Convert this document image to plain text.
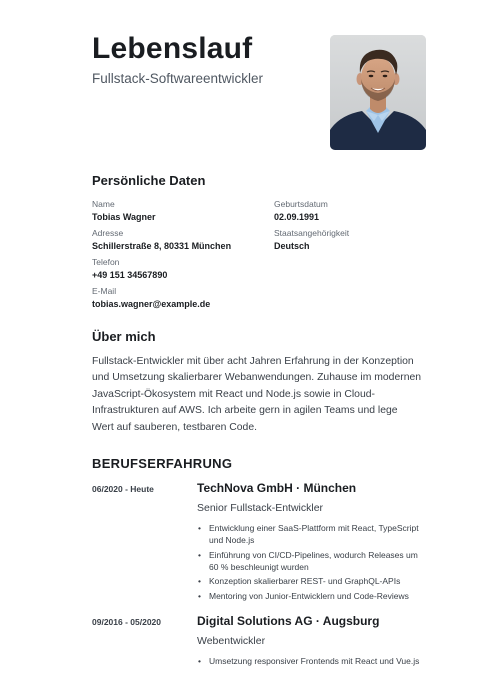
Lebenslauf
Fullstack-Softwareentwickler
Persönliche Daten
Name
Tobias Wagner
Geburtsdatum
02.09.1991
Adresse
Schillerstraße 8, 80331 München
Staatsangehörigkeit
Deutsch
Telefon
+49 151 34567890
E-Mail
tobias.wagner@example.de
Über mich
Fullstack-Entwickler mit über acht Jahren Erfahrung in der Konzeption und Umsetzung skalierbarer Webanwendungen. Zuhause im modernen JavaScript-Ökosystem mit React und Node.js sowie in Cloud-Infrastrukturen auf AWS. Ich arbeite gern in agilen Teams und lege Wert auf sauberen, testbaren Code.
BERUFSERFAHRUNG
06/2020 - Heute	TechNova GmbH · München
Senior Fullstack-Entwickler
• Entwicklung einer SaaS-Plattform mit React, TypeScript und Node.js
• Einführung von CI/CD-Pipelines, wodurch Releases um 60 % beschleunigt wurden
• Konzeption skalierbarer REST- und GraphQL-APIs
• Mentoring von Junior-Entwicklern und Code-Reviews
09/2016 - 05/2020	Digital Solutions AG · Augsburg
Webentwickler
• Umsetzung responsiver Frontends mit React und Vue.js
